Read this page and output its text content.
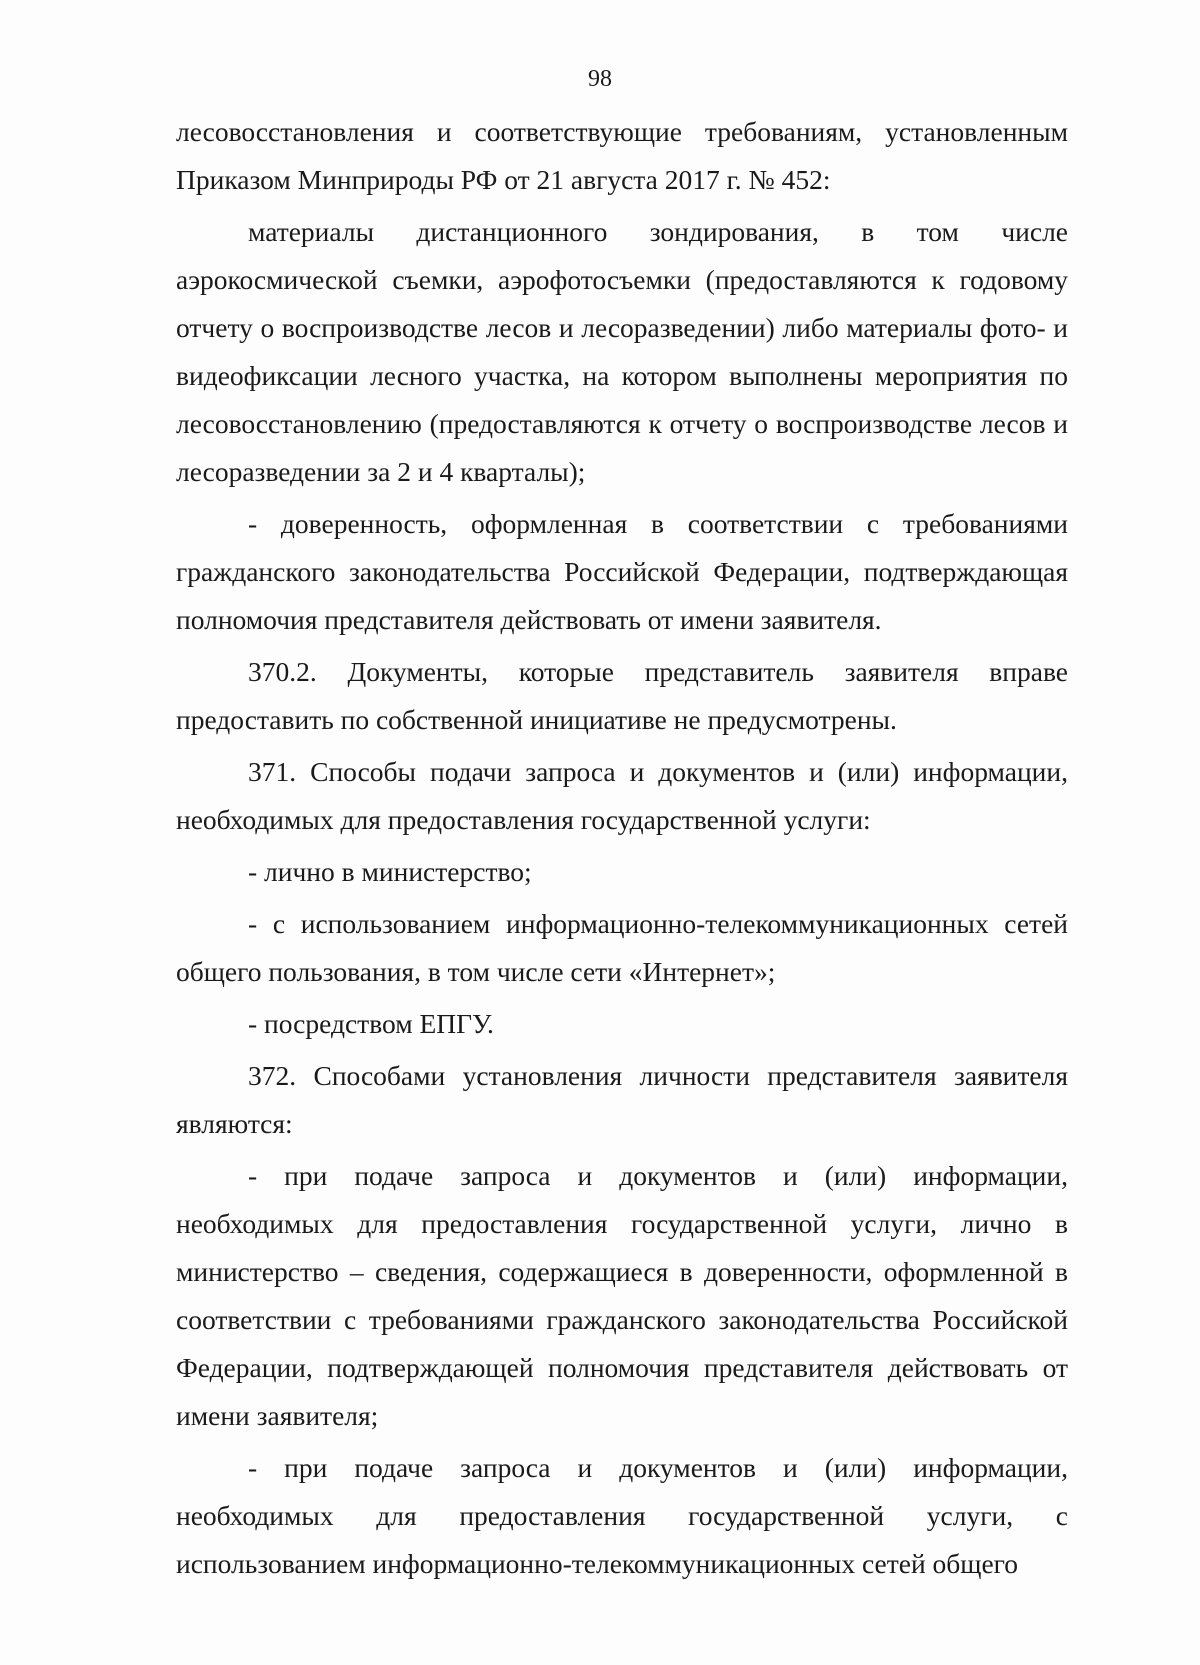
98

лесовосстановления и соответствующие требованиям, установленным Приказом Минприроды РФ от 21 августа 2017 г. № 452:

материалы дистанционного зондирования, в том числе аэрокосмической съемки, аэрофотосъемки (предоставляются к годовому отчету о воспроизводстве лесов и лесоразведении) либо материалы фото- и видеофиксации лесного участка, на котором выполнены мероприятия по лесовосстановлению (предоставляются к отчету о воспроизводстве лесов и лесоразведении за 2 и 4 кварталы);

- доверенность, оформленная в соответствии с требованиями гражданского законодательства Российской Федерации, подтверждающая полномочия представителя действовать от имени заявителя.

370.2. Документы, которые представитель заявителя вправе предоставить по собственной инициативе не предусмотрены.

371. Способы подачи запроса и документов и (или) информации, необходимых для предоставления государственной услуги:

- лично в министерство;

- с использованием информационно-телекоммуникационных сетей общего пользования, в том числе сети «Интернет»;

- посредством ЕПГУ.

372. Способами установления личности представителя заявителя являются:

- при подаче запроса и документов и (или) информации, необходимых для предоставления государственной услуги, лично в министерство – сведения, содержащиеся в доверенности, оформленной в соответствии с требованиями гражданского законодательства Российской Федерации, подтверждающей полномочия представителя действовать от имени заявителя;

- при подаче запроса и документов и (или) информации, необходимых для предоставления государственной услуги, с использованием информационно-телекоммуникационных сетей общего
